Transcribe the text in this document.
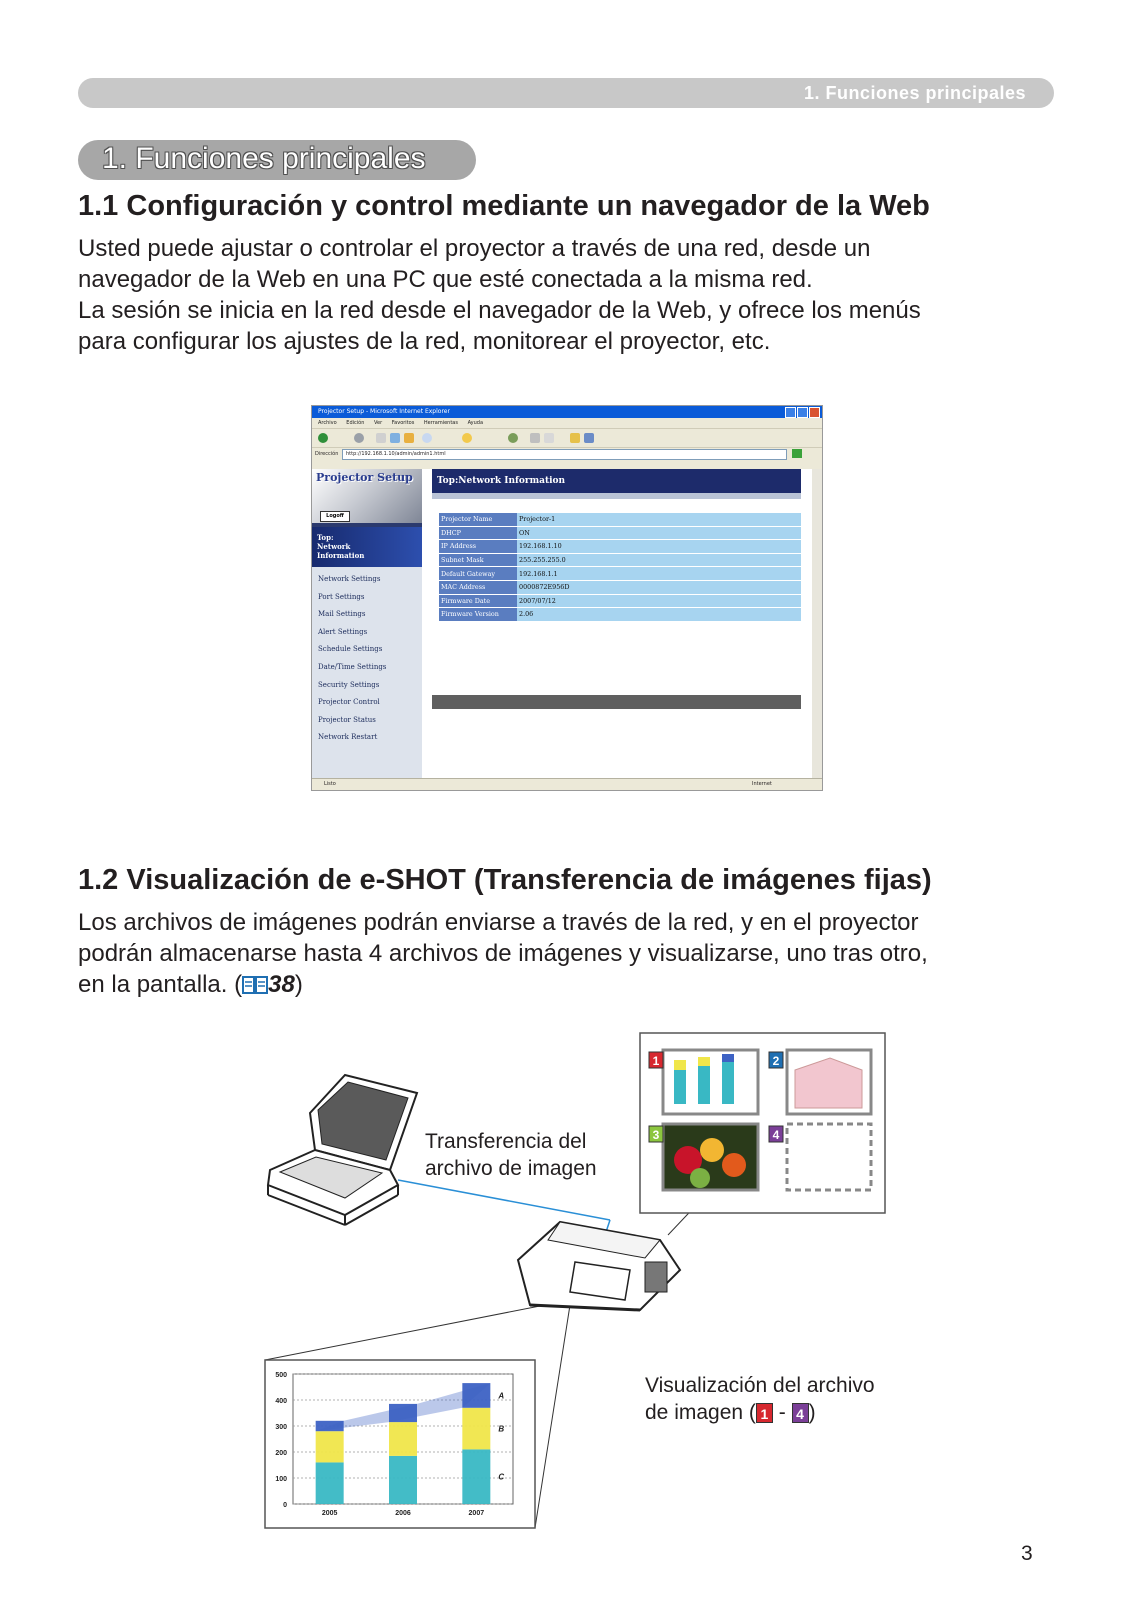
1. Funciones principales
1. Funciones principales
1.1 Configuración y control mediante un navegador de la Web

Usted puede ajustar o controlar el proyector a través de una red, desde un

navegador de la Web en una PC que esté conectada a la misma red.

La sesión se inicia en la red desde el navegador de la Web, y ofrece los menús

para configurar los ajustes de la red, monitorear el proyector, etc.

Projector Setup - Microsoft Internet Explorer
Archivo Edición Ver Favoritos Herramientas Ayuda
Dirección	http://192.168.1.10/admin/admin1.html
Projector Setup
Logoff
Top:
Network
Information
Network Settings
Port Settings
Mail Settings
Alert Settings
Schedule Settings
Date/Time Settings
Security Settings
Projector Control
Projector Status
Network Restart
Top:Network Information
Projector Name	Projector-1
DHCP	ON
IP Address	192.168.1.10
Subnet Mask	255.255.255.0
Default Gateway	192.168.1.1
MAC Address	0000872E956D
Firmware Date	2007/07/12
Firmware Version	2.06
Listo	Internet
1.2 Visualización de e-SHOT (Transferencia de imágenes fijas)

Los archivos de imágenes podrán enviarse a través de la red, y en el proyector

podrán almacenarse hasta 4 archivos de imágenes y visualizarse, uno tras otro,

en la pantalla. ( 38)

1	2
3	4
0
100
200
300
400
500
2005	2006	2007
C
B
A
Transferencia del
archivo de imagen
Visualización del archivo
de imagen ( 1 - 4 )
3
